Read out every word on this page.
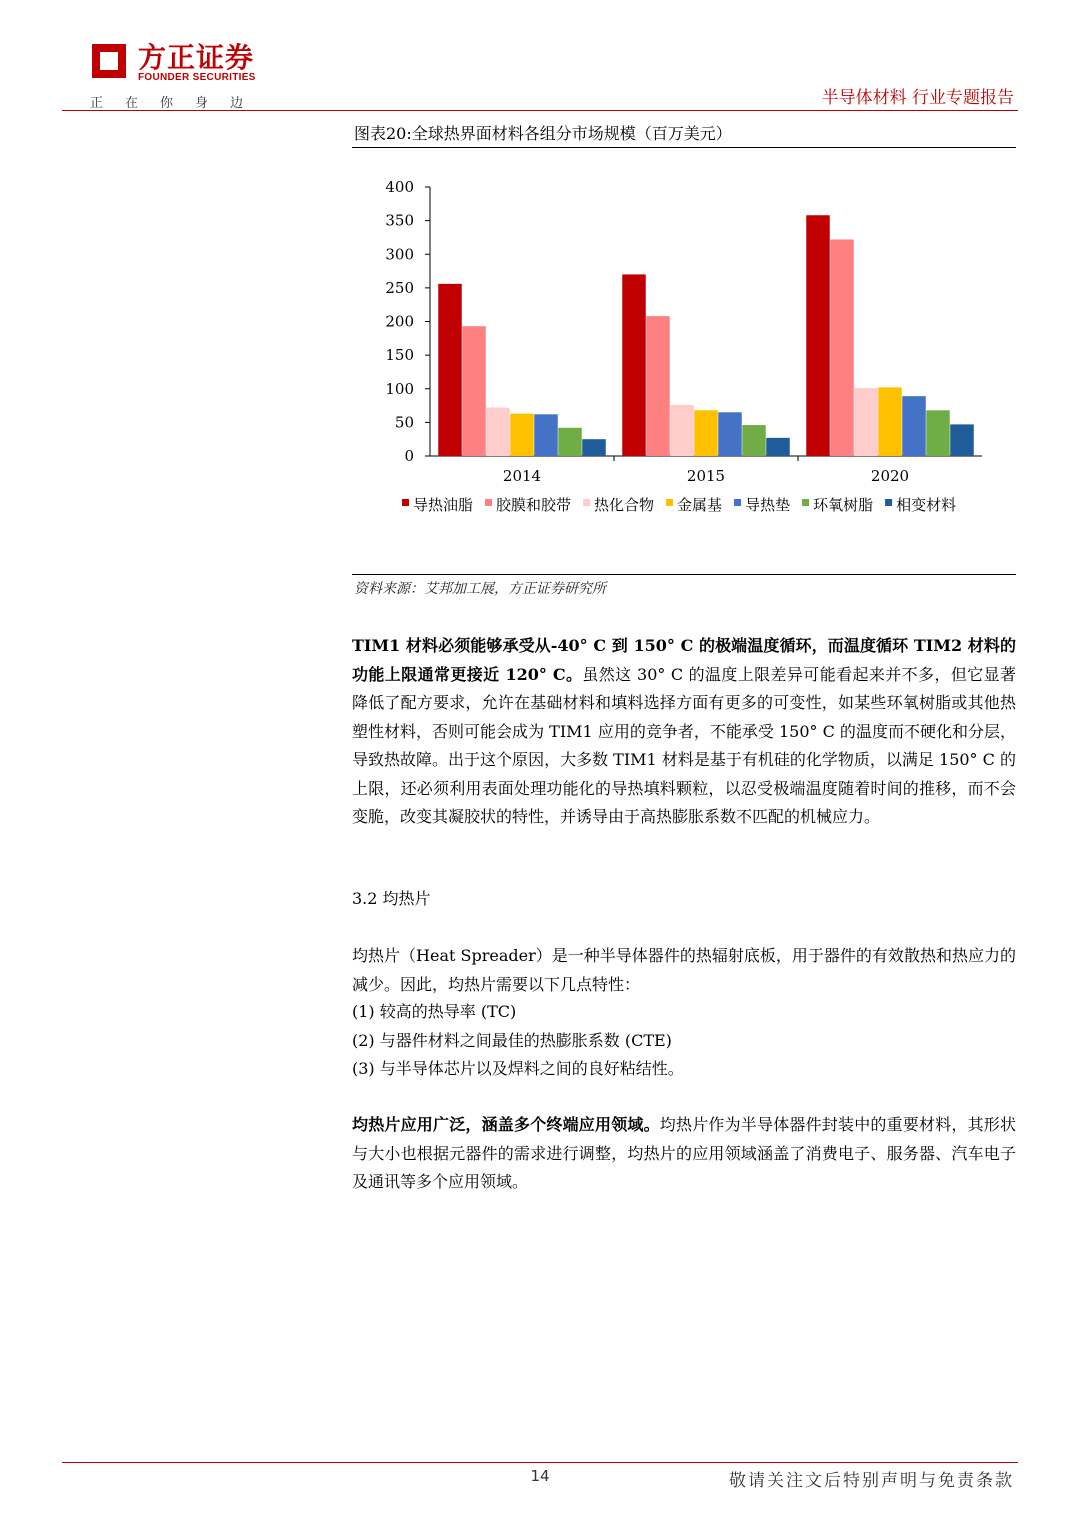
方正证券
FOUNDER SECURITIES
正在你身边	半导体材料 行业专题报告
图表20:全球热界面材料各组分市场规模（百万美元）
0
50
100
150
200
250
300
350
400
2014	2015	2020
导热油脂 胶膜和胶带 热化合物 金属基 导热垫 环氧树脂 相变材料
资料来源：艾邦加工展，方正证券研究所

TIM1 材料必须能够承受从-40° C 到 150° C 的极端温度循环，而温度循环 TIM2 材料的功能上限通常更接近 120° C。虽然这 30° C 的温度上限差异可能看起来并不多，但它显著降低了配方要求，允许在基础材料和填料选择方面有更多的可变性，如某些环氧树脂或其他热塑性材料，否则可能会成为 TIM1 应用的竞争者，不能承受 150° C 的温度而不硬化和分层，导致热故障。出于这个原因，大多数 TIM1 材料是基于有机硅的化学物质，以满足 150° C 的上限，还必须利用表面处理功能化的导热填料颗粒，以忍受极端温度随着时间的推移，而不会变脆，改变其凝胶状的特性，并诱导由于高热膨胀系数不匹配的机械应力。

3.2 均热片

均热片（Heat Spreader）是一种半导体器件的热辐射底板，用于器件的有效散热和热应力的减少。因此，均热片需要以下几点特性：

(1) 较高的热导率 (TC)
(2) 与器件材料之间最佳的热膨胀系数 (CTE)
(3) 与半导体芯片以及焊料之间的良好粘结性。

均热片应用广泛，涵盖多个终端应用领域。均热片作为半导体器件封装中的重要材料，其形状与大小也根据元器件的需求进行调整，均热片的应用领域涵盖了消费电子、服务器、汽车电子及通讯等多个应用领域。

14	敬请关注文后特别声明与免责条款
